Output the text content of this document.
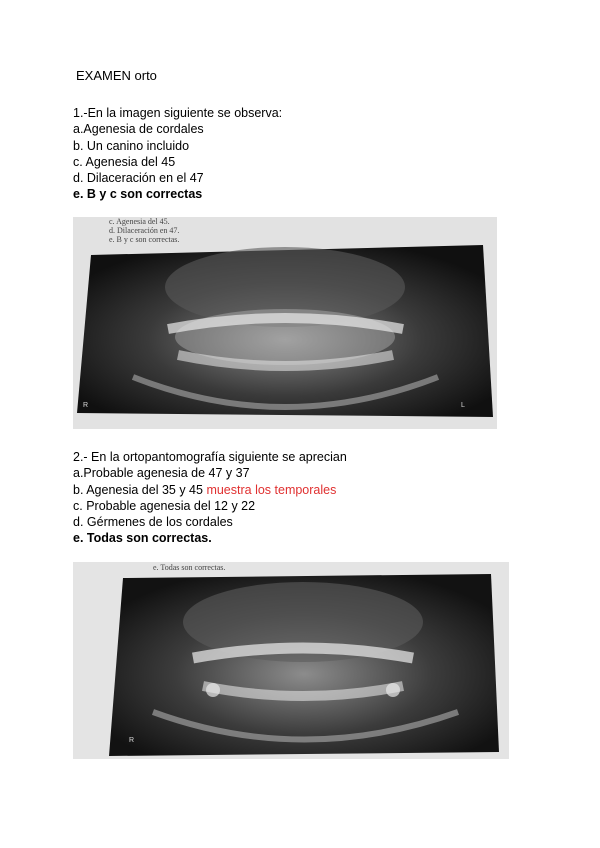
EXAMEN orto
1.-En la imagen siguiente se observa:
a.Agenesia de cordales
b. Un canino incluido
c. Agenesia del 45
d. Dilaceración en el 47
e. B y c son correctas
c. Agenesia del 45.
d. Dilaceración en 47.
e. B y c son correctas.
R	L
2.- En la ortopantomografía siguiente se aprecian
a.Probable agenesia de 47 y 37
b. Agenesia del 35 y 45 muestra los temporales
c. Probable agenesia del 12 y 22
d. Gérmenes de los cordales
e. Todas son correctas.
e. Todas son correctas.
R
